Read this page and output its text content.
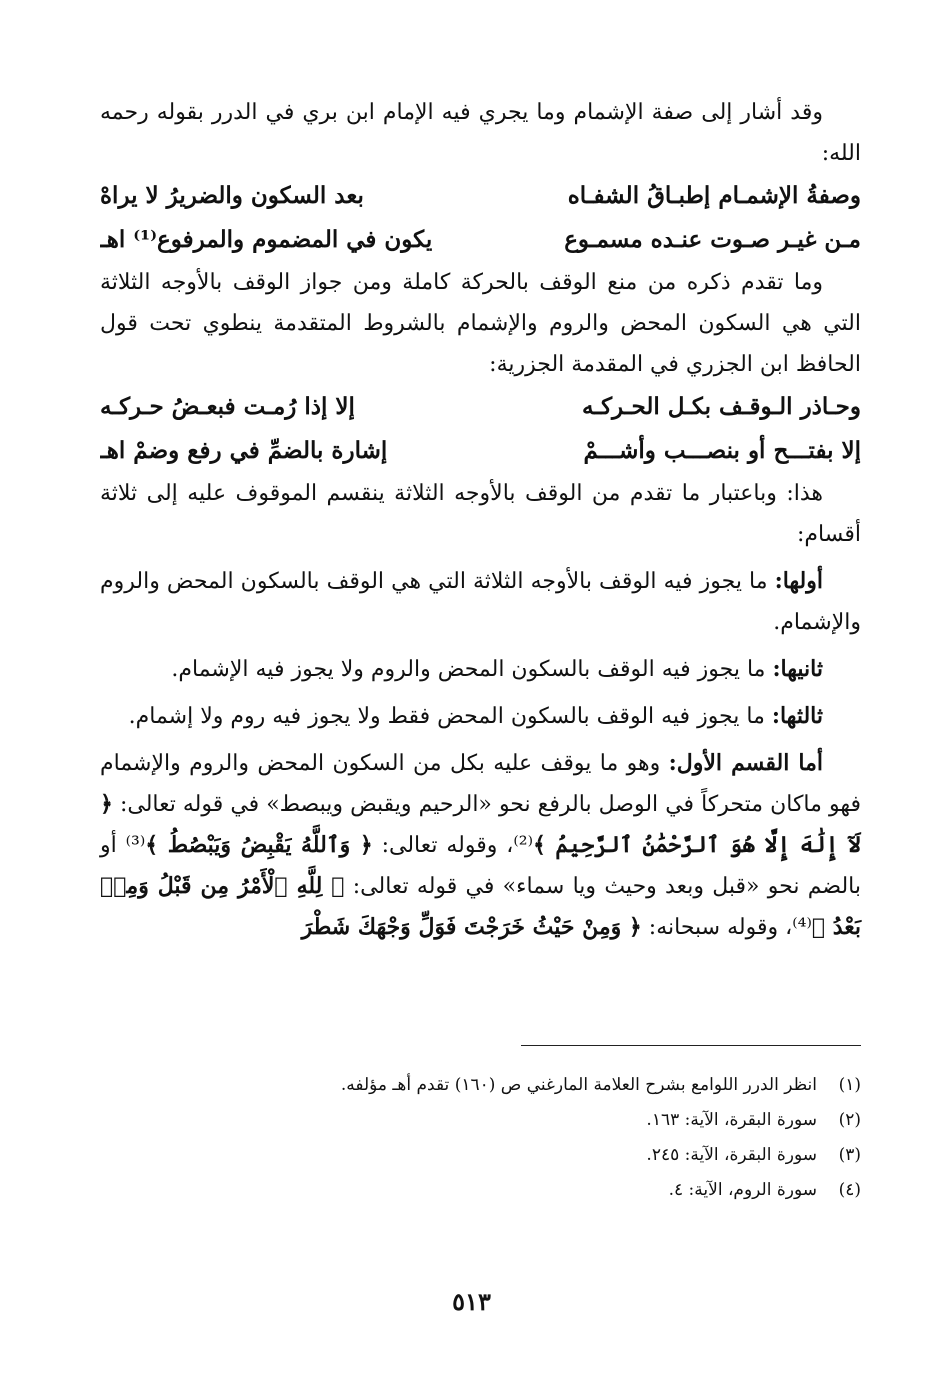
وقد أشار إلى صفة الإشمام وما يجري فيه الإمام ابن بري في الدرر بقوله رحمه الله:

وصفةُ الإشمـام إطبـاقُ الشفـاه
بعد السكون والضريرُ لا يراهْ
مـن غيـر صـوت عنـده مسمـوع
يكون في المضموم والمرفوع⁽¹⁾ اهـ

وما تقدم ذكره من منع الوقف بالحركة كاملة ومن جواز الوقف بالأوجه الثلاثة التي هي السكون المحض والروم والإشمام بالشروط المتقدمة ينطوي تحت قول الحافظ ابن الجزري في المقدمة الجزرية:

وحـاذر الـوقـف بكـل الحـركـه
إلا إذا رُمـت فبعـضُ حـركـه
إلا بفتـــح أو بنصـــب وأشـــمْ
إشارة بالضمِّ في رفع وضمْ اهـ

هذا: وباعتبار ما تقدم من الوقف بالأوجه الثلاثة ينقسم الموقوف عليه إلى ثلاثة أقسام:

أولها: ما يجوز فيه الوقف بالأوجه الثلاثة التي هي الوقف بالسكون المحض والروم والإشمام.

ثانيها: ما يجوز فيه الوقف بالسكون المحض والروم ولا يجوز فيه الإشمام.

ثالثها: ما يجوز فيه الوقف بالسكون المحض فقط ولا يجوز فيه روم ولا إشمام.

أما القسم الأول: وهو ما يوقف عليه بكل من السكون المحض والروم والإشمام فهو ماكان متحركاً في الوصل بالرفع نحو «الرحيم ويقبض ويبصط» في قوله تعالى: ﴿ لَآ إِلَٰهَ إِلَّا هُوَ ٱلرَّحْمَٰنُ ٱلرَّحِيمُ ﴾⁽²⁾، وقوله تعالى: ﴿ وَٱللَّهُ يَقْبِضُ وَيَبْصُطُ ﴾⁽³⁾ أو بالضم نحو «قبل وبعد وحيث ويا سماء» في قوله تعالى: ﴿ لِلَّهِ ٱلْأَمْرُ مِن قَبْلُ وَمِنۢ بَعْدُ ﴾⁽⁴⁾، وقوله سبحانه: ﴿ وَمِنْ حَيْثُ خَرَجْتَ فَوَلِّ وَجْهَكَ شَطْرَ

(١)
انظر الدرر اللوامع بشرح العلامة المارغني ص (١٦٠) تقدم أهـ مؤلفه.
(٢)
سورة البقرة، الآية: ١٦٣.
(٣)
سورة البقرة، الآية: ٢٤٥.
(٤)
سورة الروم، الآية: ٤.
٥١٣
